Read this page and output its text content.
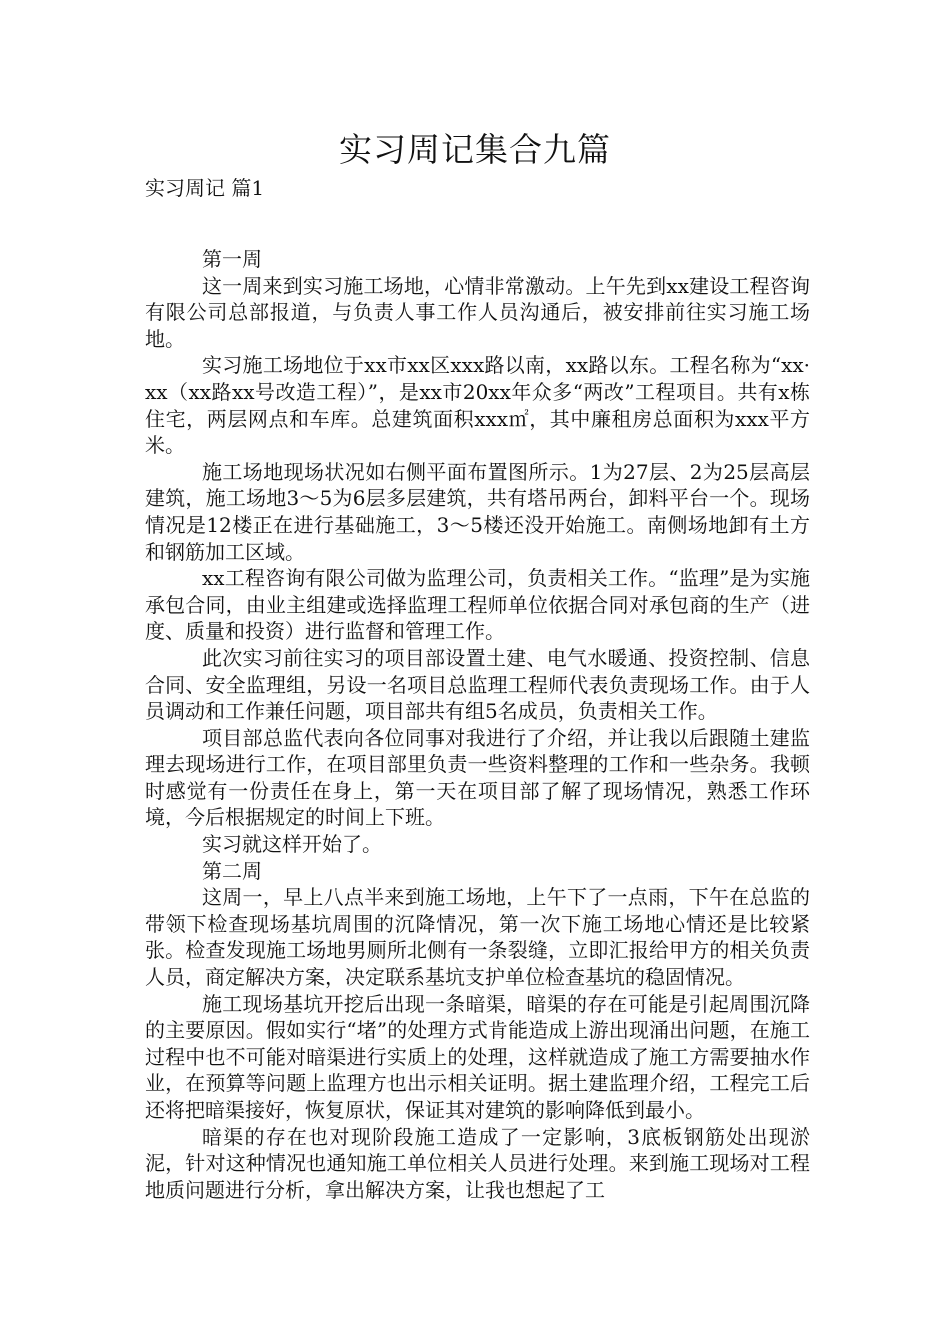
实习周记集合九篇
实习周记 篇1

第一周

这一周来到实习施工场地，心情非常激动。上午先到xx建设工程咨询有限公司总部报道，与负责人事工作人员沟通后，被安排前往实习施工场地。

实习施工场地位于xx市xx区xxx路以南，xx路以东。工程名称为“xx·xx（xx路xx号改造工程）”，是xx市20xx年众多“两改”工程项目。共有x栋住宅，两层网点和车库。总建筑面积xxx㎡，其中廉租房总面积为xxx平方米。

施工场地现场状况如右侧平面布置图所示。1为27层、2为25层高层建筑，施工场地3～5为6层多层建筑，共有塔吊两台，卸料平台一个。现场情况是12楼正在进行基础施工，3～5楼还没开始施工。南侧场地卸有土方和钢筋加工区域。

xx工程咨询有限公司做为监理公司，负责相关工作。“监理”是为实施承包合同，由业主组建或选择监理工程师单位依据合同对承包商的生产（进度、质量和投资）进行监督和管理工作。

此次实习前往实习的项目部设置土建、电气水暖通、投资控制、信息合同、安全监理组，另设一名项目总监理工程师代表负责现场工作。由于人员调动和工作兼任问题，项目部共有组5名成员，负责相关工作。

项目部总监代表向各位同事对我进行了介绍，并让我以后跟随土建监理去现场进行工作，在项目部里负责一些资料整理的工作和一些杂务。我顿时感觉有一份责任在身上，第一天在项目部了解了现场情况，熟悉工作环境，今后根据规定的时间上下班。

实习就这样开始了。

第二周

这周一，早上八点半来到施工场地，上午下了一点雨，下午在总监的带领下检查现场基坑周围的沉降情况，第一次下施工场地心情还是比较紧张。检查发现施工场地男厕所北侧有一条裂缝，立即汇报给甲方的相关负责人员，商定解决方案，决定联系基坑支护单位检查基坑的稳固情况。

施工现场基坑开挖后出现一条暗渠，暗渠的存在可能是引起周围沉降的主要原因。假如实行“堵”的处理方式肯能造成上游出现涌出问题，在施工过程中也不可能对暗渠进行实质上的处理，这样就造成了施工方需要抽水作业，在预算等问题上监理方也出示相关证明。据土建监理介绍，工程完工后还将把暗渠接好，恢复原状，保证其对建筑的影响降低到最小。

暗渠的存在也对现阶段施工造成了一定影响，3底板钢筋处出现淤泥，针对这种情况也通知施工单位相关人员进行处理。来到施工现场对工程地质问题进行分析，拿出解决方案，让我也想起了工
